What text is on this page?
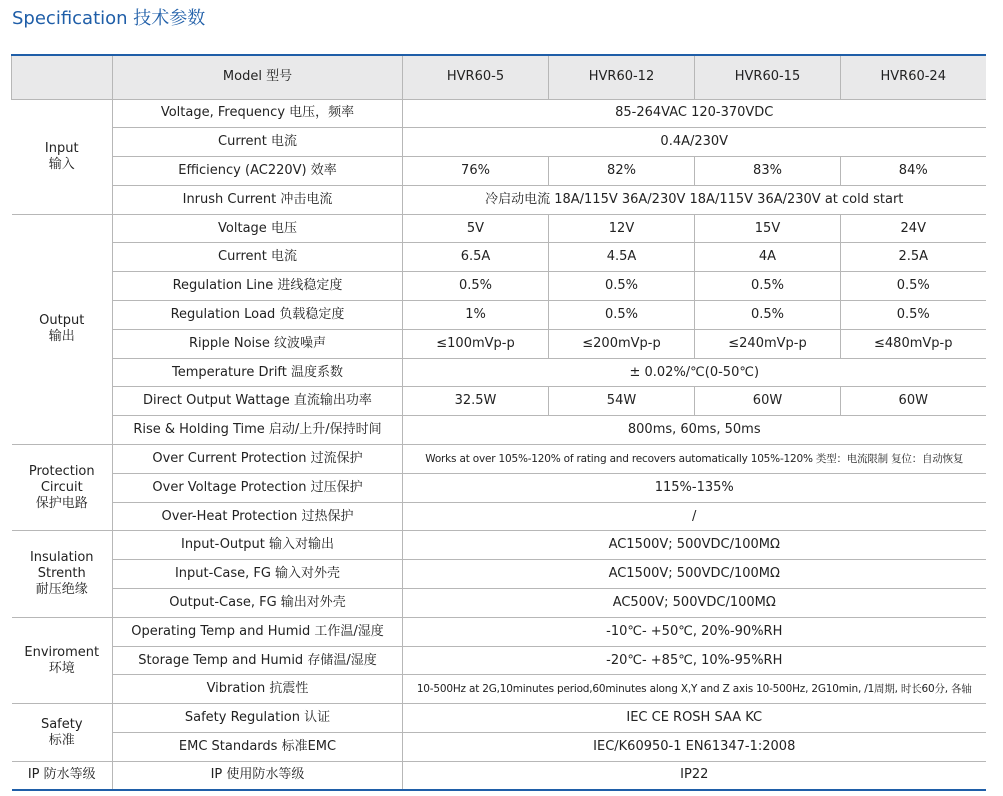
Specification 技术参数
	Model 型号	HVR60-5	HVR60-12	HVR60-15	HVR60-24

Input
输入	Voltage, Frequency 电压，频率	85-264VAC 120-370VDC			
	Current 电流	0.4A/230V			
	Efficiency (AC220V) 效率	76%	82%	83%	84%
	Inrush Current 冲击电流	冷启动电流 18A/115V 36A/230V 18A/115V 36A/230V at cold start			

Output
输出	Voltage 电压	5V	12V	15V	24V
	Current 电流	6.5A	4.5A	4A	2.5A
	Regulation Line 进线稳定度	0.5%	0.5%	0.5%	0.5%
	Regulation Load 负载稳定度	1%	0.5%	0.5%	0.5%
	Ripple Noise 纹波噪声	≤100mVp-p	≤200mVp-p	≤240mVp-p	≤480mVp-p
	Temperature Drift 温度系数	± 0.02%/℃(0-50℃)			
	Direct Output Wattage 直流输出功率	32.5W	54W	60W	60W
	Rise & Holding Time 启动/上升/保持时间	800ms, 60ms, 50ms			

Protection
Circuit
保护电路	Over Current Protection 过流保护	Works at over 105%-120% of rating and recovers automatically 105%-120% 类型：电流限制 复位：自动恢复			
	Over Voltage Protection 过压保护	115%-135%			
	Over-Heat Protection 过热保护	/			

Insulation
Strenth
耐压绝缘	Input-Output 输入对输出	AC1500V; 500VDC/100MΩ			
	Input-Case, FG 输入对外壳	AC1500V; 500VDC/100MΩ			
	Output-Case, FG 输出对外壳	AC500V; 500VDC/100MΩ			

Enviroment
环境	Operating Temp and Humid 工作温/湿度	-10℃- +50℃, 20%-90%RH			
	Storage Temp and Humid 存储温/湿度	-20℃- +85℃, 10%-95%RH			
	Vibration 抗震性	10-500Hz at 2G,10minutes period,60minutes along X,Y and Z axis 10-500Hz, 2G10min, /1周期, 时长60分, 各轴			

Safety
标准	Safety Regulation 认证	IEC CE ROSH SAA KC			
	EMC Standards 标准EMC	IEC/K60950-1 EN61347-1:2008			
IP 防水等级	IP 使用防水等级	IP22			
